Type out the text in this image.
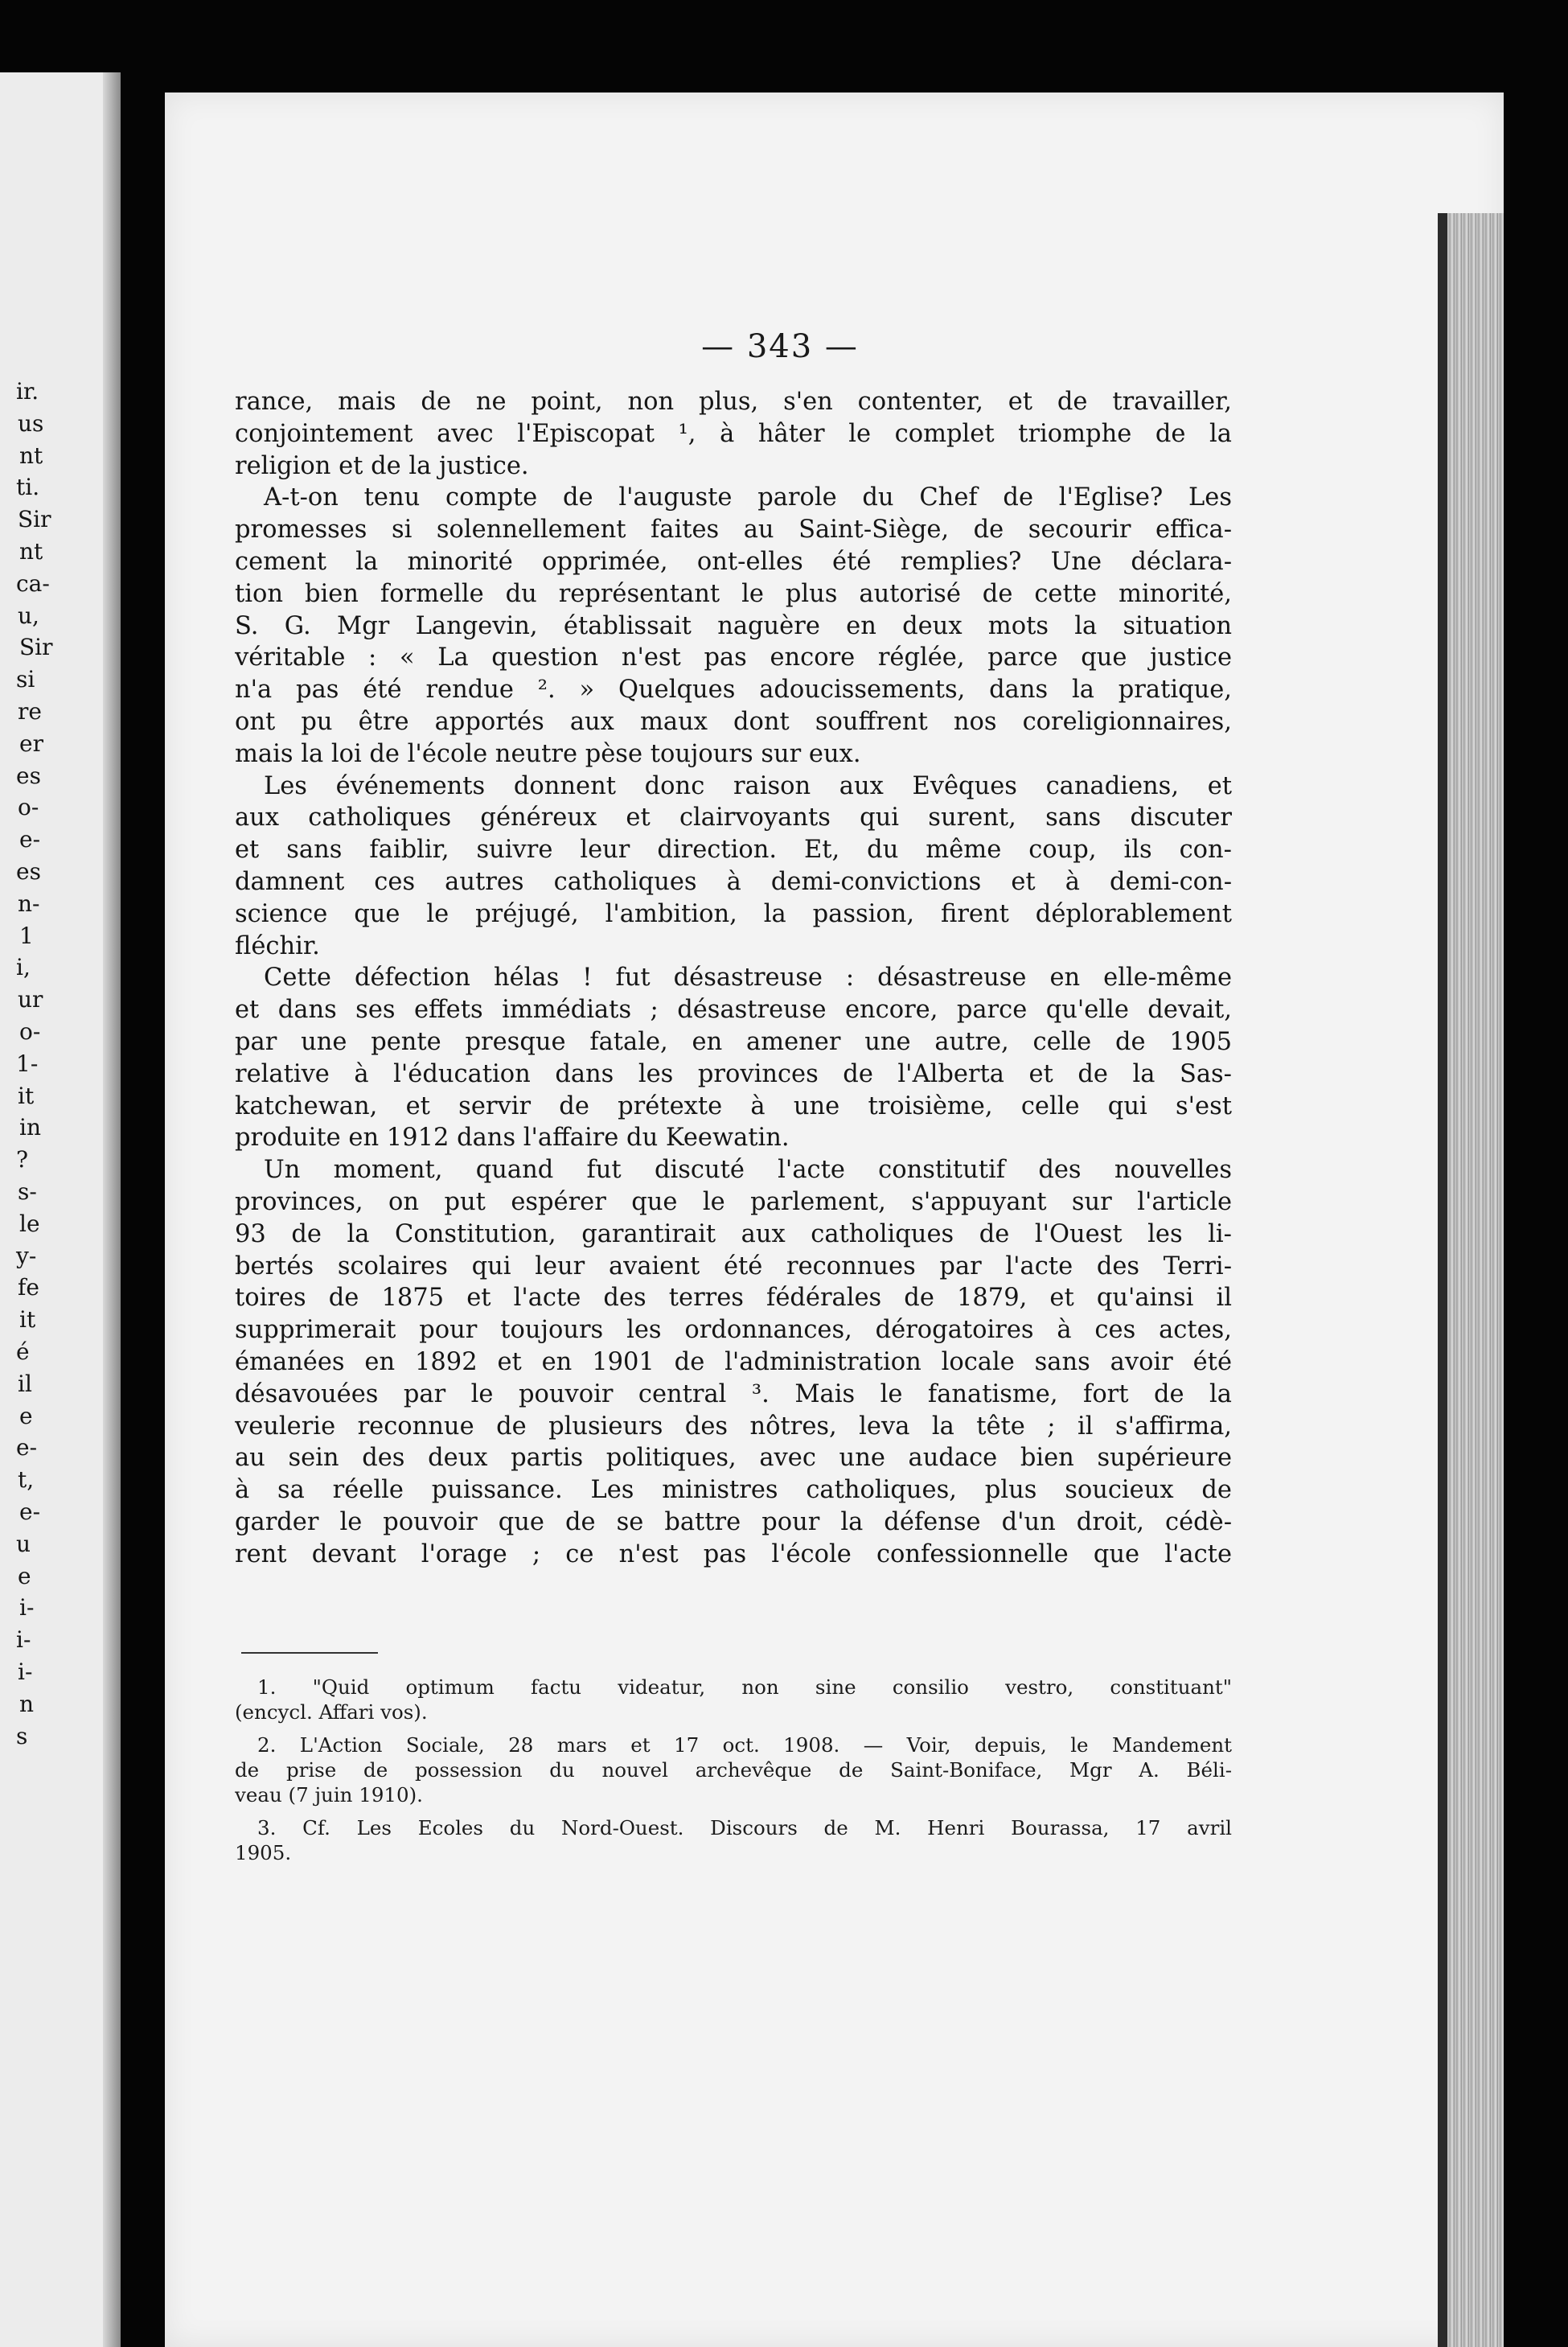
ir.
us
nt
ti.
Sir
nt
ca-
u,
Sir
si
re
er
es
o-
e-
es
n-
1
i,
ur
o-
1-
it
in
?
s-
le
y-
fe
it
é
il
e
e-
t,
e-
u
e
i-
i-
i-
n
s
— 343 —
rance, mais de ne point, non plus, s'en contenter, et de travailler,
conjointement avec l'Episcopat ¹, à hâter le complet triomphe de la
religion et de la justice.
A-t-on tenu compte de l'auguste parole du Chef de l'Eglise? Les
promesses si solennellement faites au Saint-Siège, de secourir effica-
cement la minorité opprimée, ont-elles été remplies? Une déclara-
tion bien formelle du représentant le plus autorisé de cette minorité,
S. G. Mgr Langevin, établissait naguère en deux mots la situation
véritable : « La question n'est pas encore réglée, parce que justice
n'a pas été rendue ². » Quelques adoucissements, dans la pratique,
ont pu être apportés aux maux dont souffrent nos coreligionnaires,
mais la loi de l'école neutre pèse toujours sur eux.
Les événements donnent donc raison aux Evêques canadiens, et
aux catholiques généreux et clairvoyants qui surent, sans discuter
et sans faiblir, suivre leur direction. Et, du même coup, ils con-
damnent ces autres catholiques à demi-convictions et à demi-con-
science que le préjugé, l'ambition, la passion, firent déplorablement
fléchir.
Cette défection hélas ! fut désastreuse : désastreuse en elle-même
et dans ses effets immédiats ; désastreuse encore, parce qu'elle devait,
par une pente presque fatale, en amener une autre, celle de 1905
relative à l'éducation dans les provinces de l'Alberta et de la Sas-
katchewan, et servir de prétexte à une troisième, celle qui s'est
produite en 1912 dans l'affaire du Keewatin.
Un moment, quand fut discuté l'acte constitutif des nouvelles
provinces, on put espérer que le parlement, s'appuyant sur l'article
93 de la Constitution, garantirait aux catholiques de l'Ouest les li-
bertés scolaires qui leur avaient été reconnues par l'acte des Terri-
toires de 1875 et l'acte des terres fédérales de 1879, et qu'ainsi il
supprimerait pour toujours les ordonnances, dérogatoires à ces actes,
émanées en 1892 et en 1901 de l'administration locale sans avoir été
désavouées par le pouvoir central ³. Mais le fanatisme, fort de la
veulerie reconnue de plusieurs des nôtres, leva la tête ; il s'affirma,
au sein des deux partis politiques, avec une audace bien supérieure
à sa réelle puissance. Les ministres catholiques, plus soucieux de
garder le pouvoir que de se battre pour la défense d'un droit, cédè-
rent devant l'orage ; ce n'est pas l'école confessionnelle que l'acte
1. "Quid optimum factu videatur, non sine consilio vestro, constituant"
(encycl. Affari vos).
2. L'Action Sociale, 28 mars et 17 oct. 1908. — Voir, depuis, le Mandement
de prise de possession du nouvel archevêque de Saint-Boniface, Mgr A. Béli-
veau (7 juin 1910).
3. Cf. Les Ecoles du Nord-Ouest. Discours de M. Henri Bourassa, 17 avril
1905.
